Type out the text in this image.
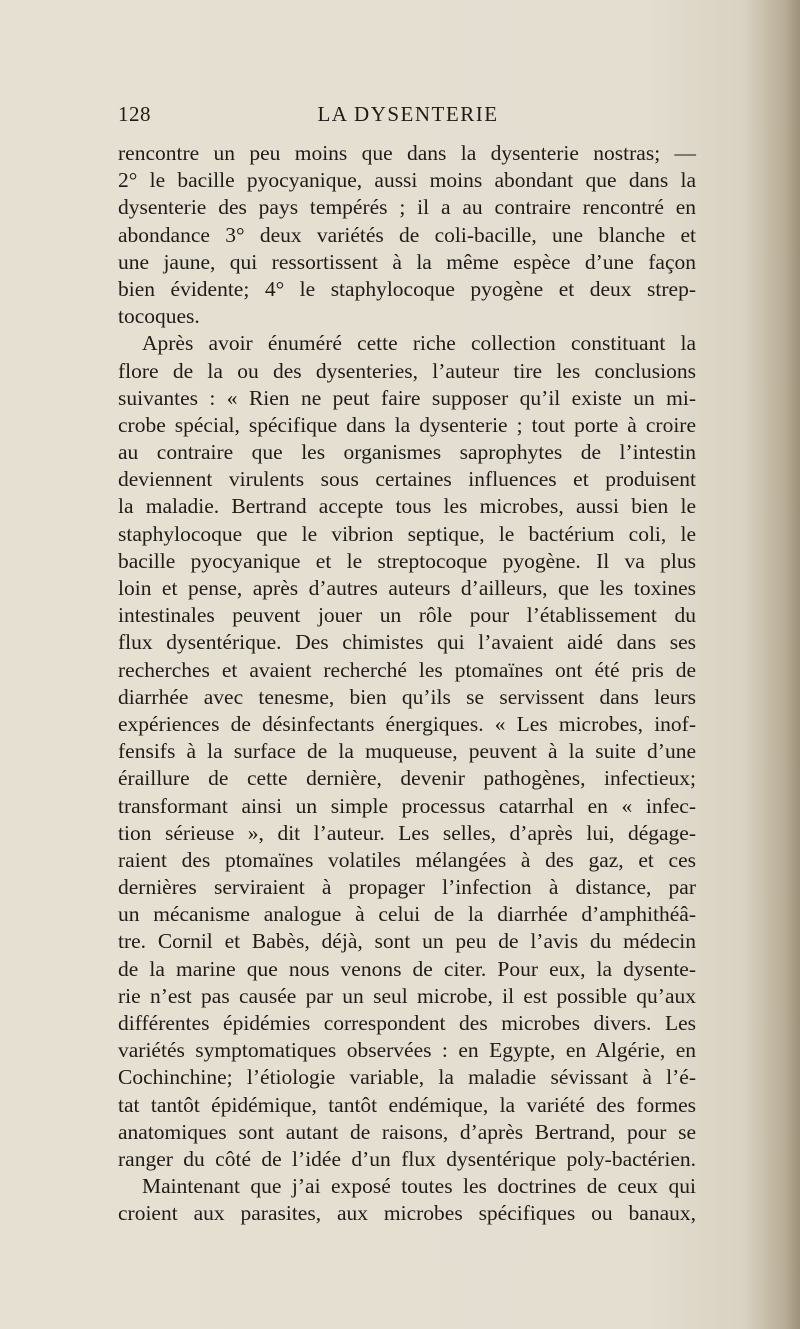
128	LA DYSENTERIE
rencontre un peu moins que dans la dysenterie nostras; —
2° le bacille pyocyanique, aussi moins abondant que dans la
dysenterie des pays tempérés ; il a au contraire rencontré en
abondance 3° deux variétés de coli-bacille, une blanche et
une jaune, qui ressortissent à la même espèce d’une façon
bien évidente; 4° le staphylocoque pyogène et deux strep-
tocoques.
Après avoir énuméré cette riche collection constituant la
flore de la ou des dysenteries, l’auteur tire les conclusions
suivantes : « Rien ne peut faire supposer qu’il existe un mi-
crobe spécial, spécifique dans la dysenterie ; tout porte à croire
au contraire que les organismes saprophytes de l’intestin
deviennent virulents sous certaines influences et produisent
la maladie. Bertrand accepte tous les microbes, aussi bien le
staphylocoque que le vibrion septique, le bactérium coli, le
bacille pyocyanique et le streptocoque pyogène. Il va plus
loin et pense, après d’autres auteurs d’ailleurs, que les toxines
intestinales peuvent jouer un rôle pour l’établissement du
flux dysentérique. Des chimistes qui l’avaient aidé dans ses
recherches et avaient recherché les ptomaïnes ont été pris de
diarrhée avec tenesme, bien qu’ils se servissent dans leurs
expériences de désinfectants énergiques. « Les microbes, inof-
fensifs à la surface de la muqueuse, peuvent à la suite d’une
éraillure de cette dernière, devenir pathogènes, infectieux;
transformant ainsi un simple processus catarrhal en « infec-
tion sérieuse », dit l’auteur. Les selles, d’après lui, dégage-
raient des ptomaïnes volatiles mélangées à des gaz, et ces
dernières serviraient à propager l’infection à distance, par
un mécanisme analogue à celui de la diarrhée d’amphithéâ-
tre. Cornil et Babès, déjà, sont un peu de l’avis du médecin
de la marine que nous venons de citer. Pour eux, la dysente-
rie n’est pas causée par un seul microbe, il est possible qu’aux
différentes épidémies correspondent des microbes divers. Les
variétés symptomatiques observées : en Egypte, en Algérie, en
Cochinchine; l’étiologie variable, la maladie sévissant à l’é-
tat tantôt épidémique, tantôt endémique, la variété des formes
anatomiques sont autant de raisons, d’après Bertrand, pour se
ranger du côté de l’idée d’un flux dysentérique poly-bactérien.
Maintenant que j’ai exposé toutes les doctrines de ceux qui
croient aux parasites, aux microbes spécifiques ou banaux,
